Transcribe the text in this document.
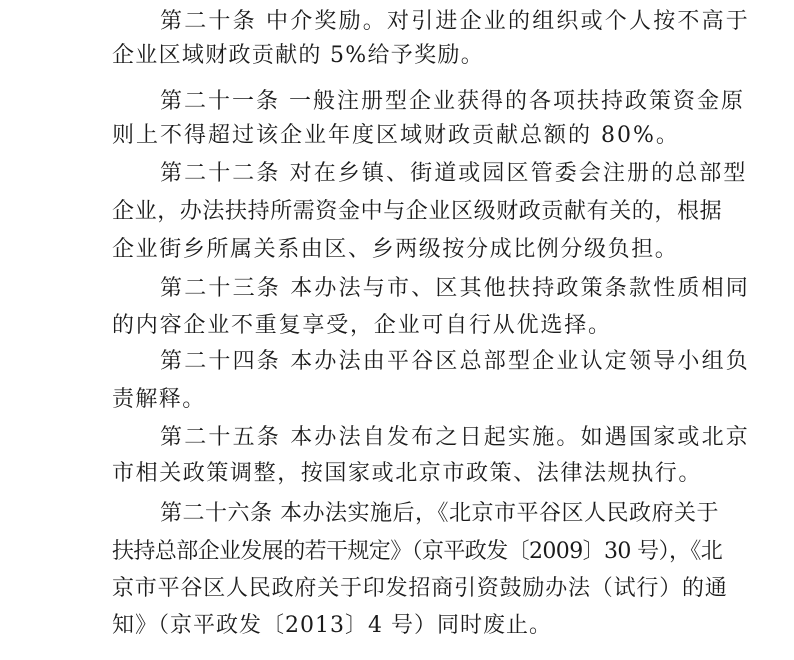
第二十条 中介奖励。对引进企业的组织或个人按不高于
企业区域财政贡献的 5%给予奖励。
第二十一条 一般注册型企业获得的各项扶持政策资金原
则上不得超过该企业年度区域财政贡献总额的 80%。
第二十二条 对在乡镇、街道或园区管委会注册的总部型
企业，办法扶持所需资金中与企业区级财政贡献有关的，根据
企业街乡所属关系由区、乡两级按分成比例分级负担。
第二十三条 本办法与市、区其他扶持政策条款性质相同
的内容企业不重复享受，企业可自行从优选择。
第二十四条 本办法由平谷区总部型企业认定领导小组负
责解释。
第二十五条 本办法自发布之日起实施。如遇国家或北京
市相关政策调整，按国家或北京市政策、法律法规执行。
第二十六条 本办法实施后，《北京市平谷区人民政府关于
扶持总部企业发展的若干规定》（京平政发〔2009〕30 号），《北
京市平谷区人民政府关于印发招商引资鼓励办法（试行）的通
知》（京平政发〔2013〕4 号）同时废止。
